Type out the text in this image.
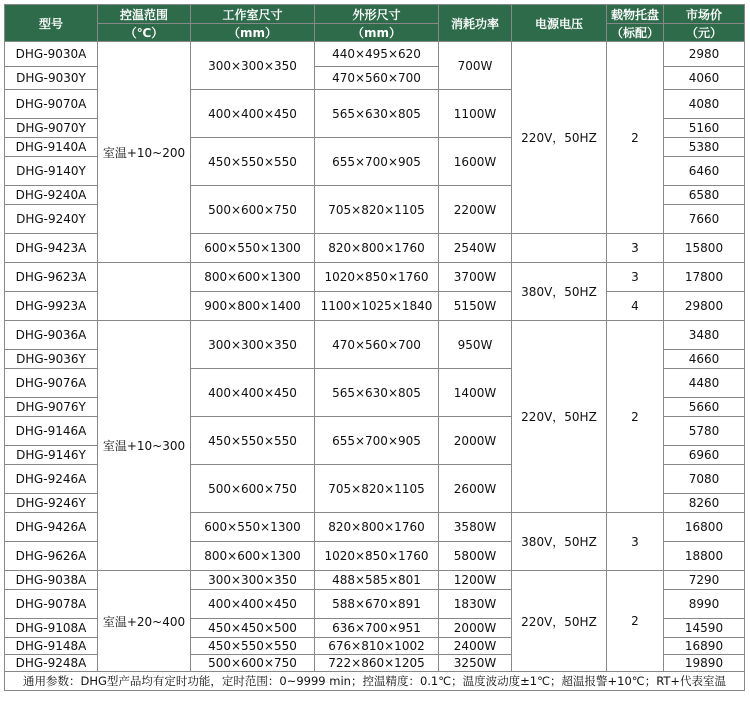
型号	控温范围	工作室尺寸	外形尺寸	消耗功率	电源电压	载物托盘	市场价
	（℃）	（mm）	（mm）			（标配）	（元）
DHG-9030A	室温+10~200	300×300×350	440×495×620	700W	220V，50HZ	2	2980
DHG-9030Y			470×560×700				4060
DHG-9070A		400×400×450	565×630×805	1100W			4080
DHG-9070Y							5160
DHG-9140A		450×550×550	655×700×905	1600W			5380
DHG-9140Y							6460
DHG-9240A		500×600×750	705×820×1105	2200W			6580
DHG-9240Y							7660
DHG-9423A		600×550×1300	820×800×1760	2540W		3	15800
DHG-9623A		800×600×1300	1020×850×1760	3700W	380V，50HZ	3	17800
DHG-9923A		900×800×1400	1100×1025×1840	5150W		4	29800
DHG-9036A	室温+10~300	300×300×350	470×560×700	950W	220V，50HZ	2	3480
DHG-9036Y							4660
DHG-9076A		400×400×450	565×630×805	1400W			4480
DHG-9076Y							5660
DHG-9146A		450×550×550	655×700×905	2000W			5780
DHG-9146Y							6960
DHG-9246A		500×600×750	705×820×1105	2600W			7080
DHG-9246Y							8260
DHG-9426A		600×550×1300	820×800×1760	3580W	380V，50HZ	3	16800
DHG-9626A		800×600×1300	1020×850×1760	5800W			18800
DHG-9038A	室温+20~400	300×300×350	488×585×801	1200W	220V，50HZ	2	7290
DHG-9078A		400×400×450	588×670×891	1830W			8990
DHG-9108A		450×450×500	636×700×951	2000W			14590
DHG-9148A		450×550×550	676×810×1002	2400W			16890
DHG-9248A		500×600×750	722×860×1205	3250W			19890
通用参数：DHG型产品均有定时功能，定时范围：0~9999 min；控温精度：0.1℃；温度波动度±1℃；超温报警+10℃；RT+代表室温							
